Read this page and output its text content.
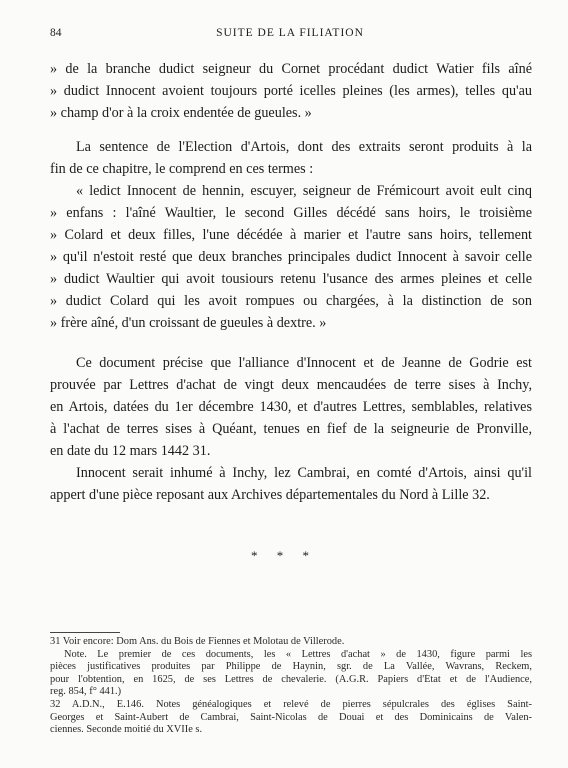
84	SUITE DE LA FILIATION
» de la branche dudict seigneur du Cornet procédant dudict Watier fils aîné
» dudict Innocent avoient toujours porté icelles pleines (les armes), telles qu'au
» champ d'or à la croix endentée de gueules. »
La sentence de l'Election d'Artois, dont des extraits seront produits à la
fin de ce chapitre, le comprend en ces termes :
« ledict Innocent de hennin, escuyer, seigneur de Frémicourt avoit eult cinq
» enfans : l'aîné Waultier, le second Gilles décédé sans hoirs, le troisième
» Colard et deux filles, l'une décédée à marier et l'autre sans hoirs, tellement
» qu'il n'estoit resté que deux branches principales dudict Innocent à savoir celle
» dudict Waultier qui avoit tousiours retenu l'usance des armes pleines et celle
» dudict Colard qui les avoit rompues ou chargées, à la distinction de son
» frère aîné, d'un croissant de gueules à dextre. »
Ce document précise que l'alliance d'Innocent et de Jeanne de Godrie est
prouvée par Lettres d'achat de vingt deux mencaudées de terre sises à Inchy,
en Artois, datées du 1er décembre 1430, et d'autres Lettres, semblables, relatives
à l'achat de terres sises à Quéant, tenues en fief de la seigneurie de Pronville,
en date du 12 mars 1442 31.
Innocent serait inhumé à Inchy, lez Cambrai, en comté d'Artois, ainsi qu'il
appert d'une pièce reposant aux Archives départementales du Nord à Lille 32.
* * *
31 Voir encore: Dom Ans. du Bois de Fiennes et Molotau de Villerode.
Note. Le premier de ces documents, les « Lettres d'achat » de 1430, figure parmi les
pièces justificatives produites par Philippe de Haynin, sgr. de La Vallée, Wavrans, Reckem,
pour l'obtention, en 1625, de ses Lettres de chevalerie. (A.G.R. Papiers d'État et de l'Audience,
reg. 854, f° 441.)
32 A.D.N., E.146. Notes généalogiques et relevé de pierres sépulcrales des églises Saint-
Georges et Saint-Aubert de Cambrai, Saint-Nicolas de Douai et des Dominicains de Valen-
ciennes. Seconde moitié du XVIIe s.
